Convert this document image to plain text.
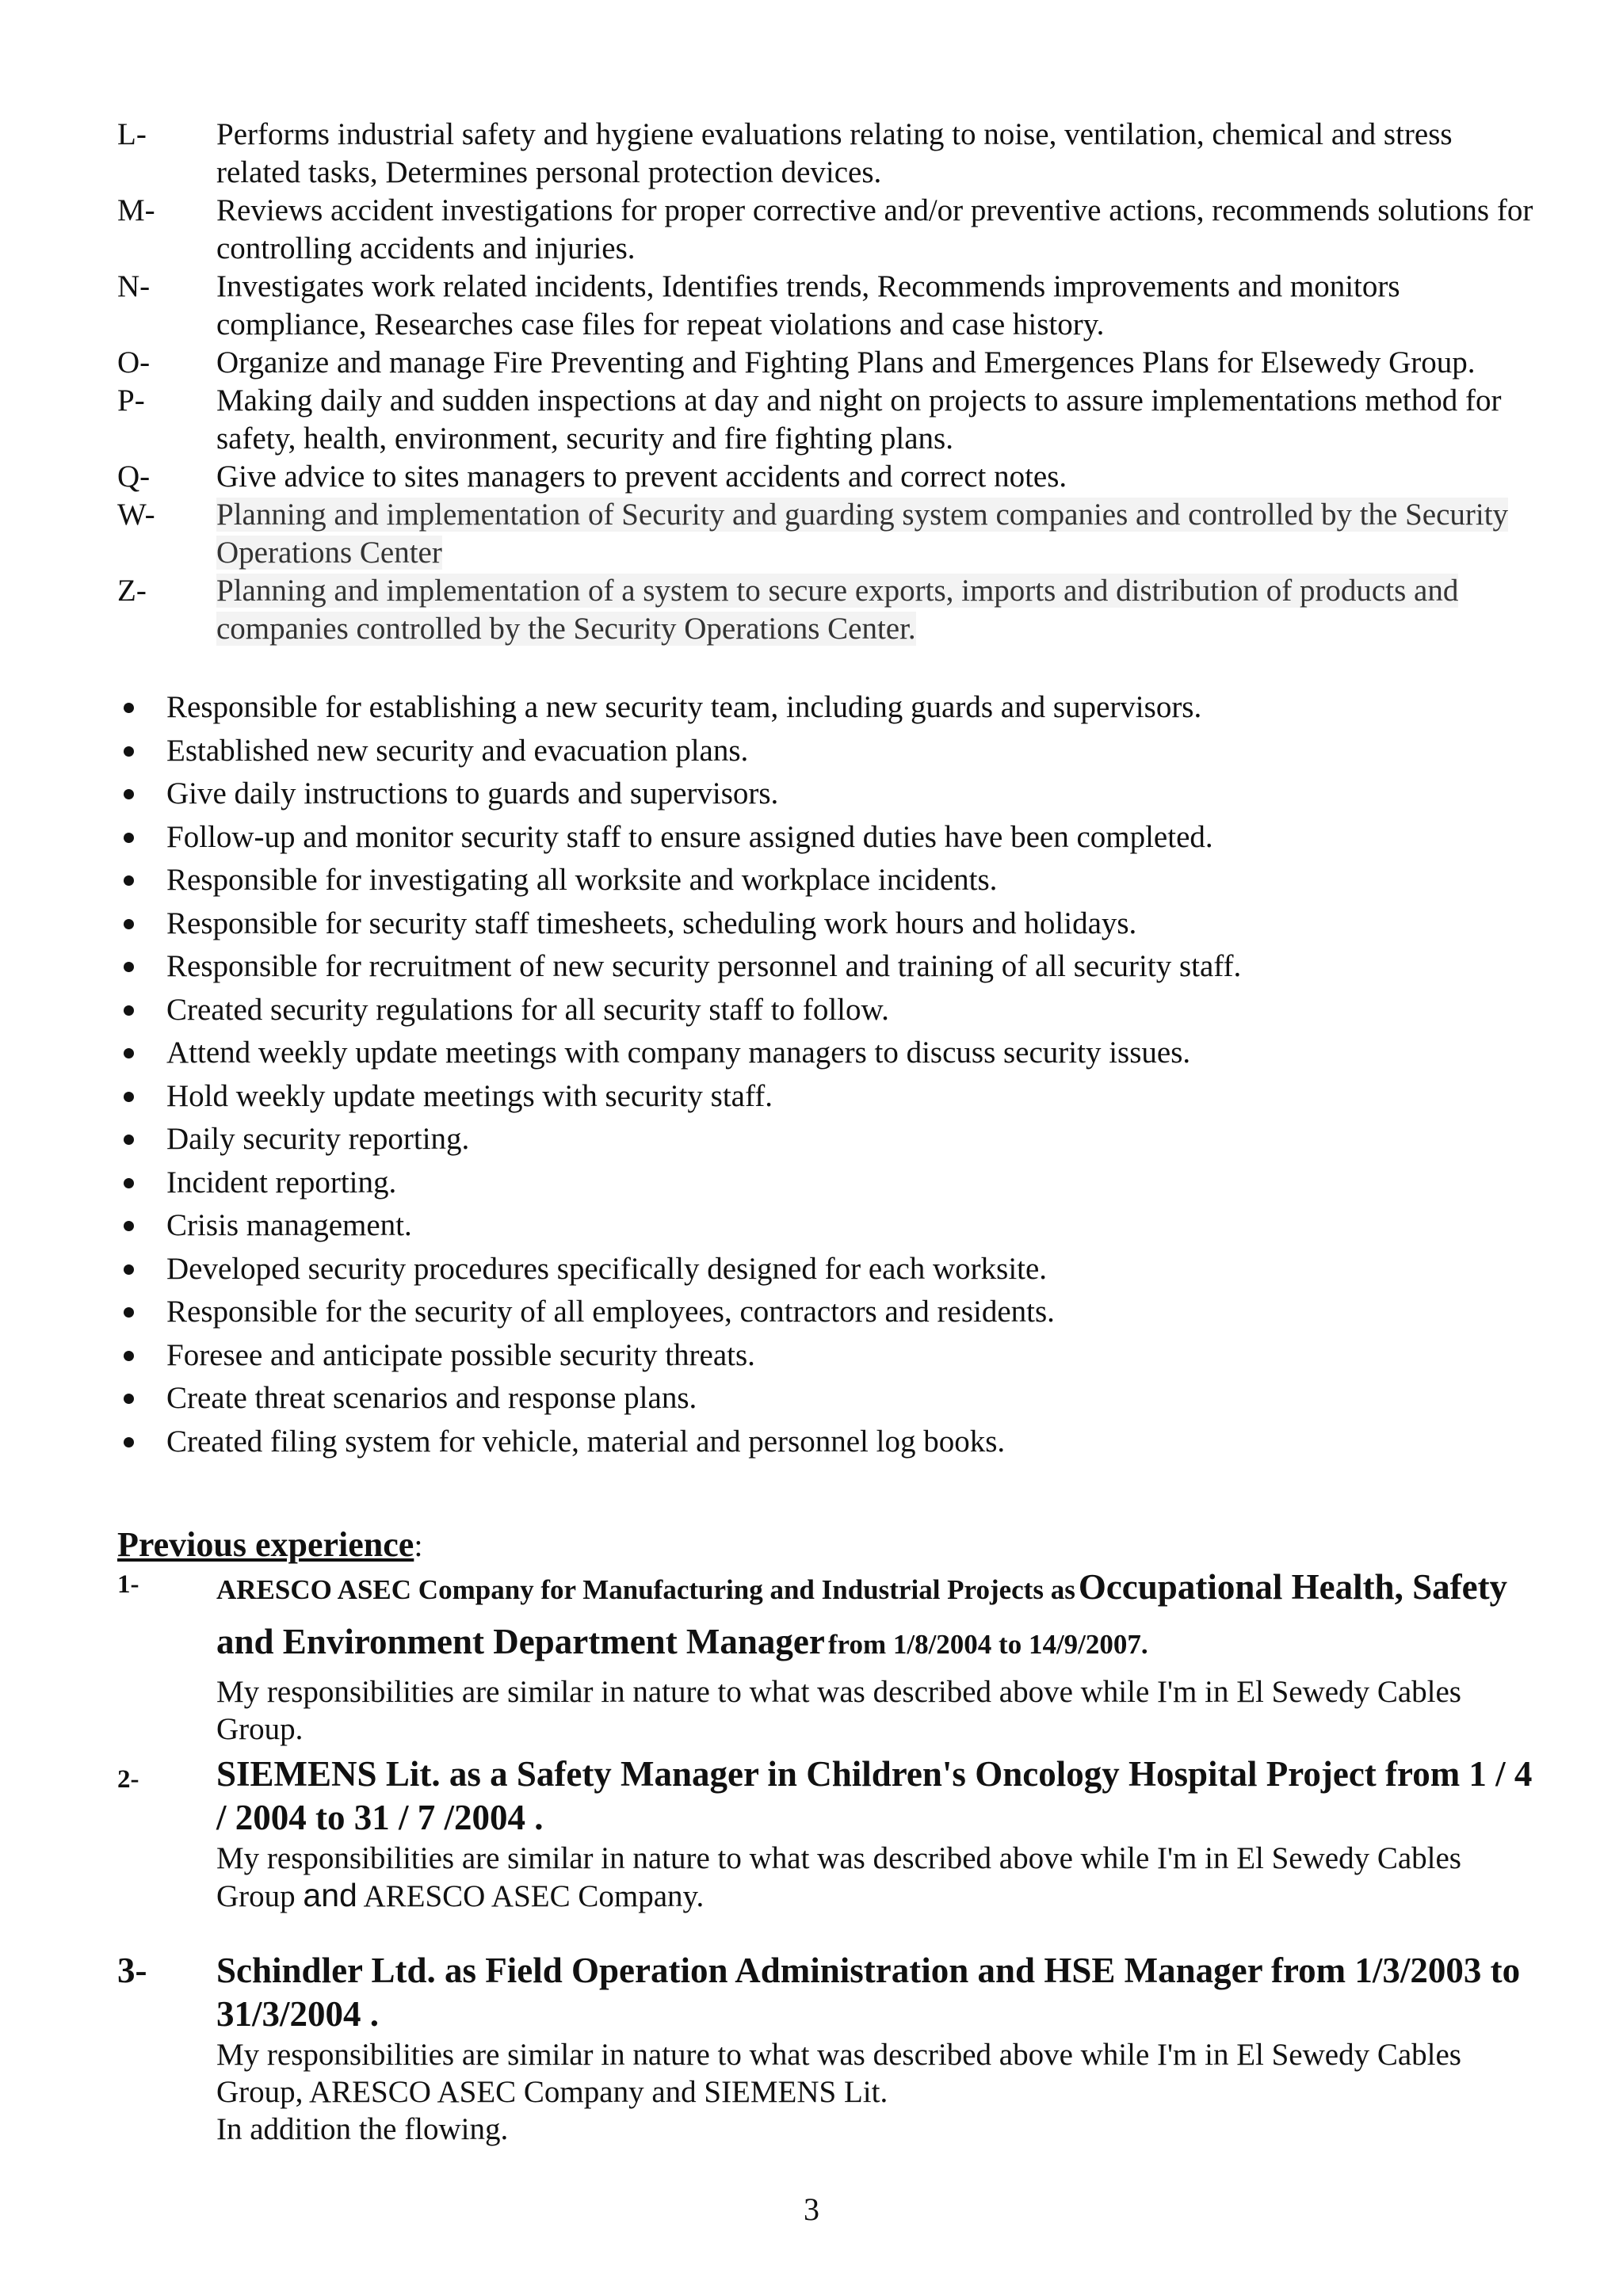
L- Performs industrial safety and hygiene evaluations relating to noise, ventilation, chemical and stress related tasks, Determines personal protection devices.
M- Reviews accident investigations for proper corrective and/or preventive actions, recommends solutions for controlling accidents and injuries.
N- Investigates work related incidents, Identifies trends, Recommends improvements and monitors compliance, Researches case files for repeat violations and case history.
O- Organize and manage Fire Preventing and Fighting Plans and Emergences Plans for Elsewedy Group.
P- Making daily and sudden inspections at day and night on projects to assure implementations method for safety, health, environment, security and fire fighting plans.
Q- Give advice to sites managers to prevent accidents and correct notes.
W- Planning and implementation of Security and guarding system companies and controlled by the Security Operations Center
Z- Planning and implementation of a system to secure exports, imports and distribution of products and companies controlled by the Security Operations Center.
Responsible for establishing a new security team, including guards and supervisors.
Established new security and evacuation plans.
Give daily instructions to guards and supervisors.
Follow-up and monitor security staff to ensure assigned duties have been completed.
Responsible for investigating all worksite and workplace incidents.
Responsible for security staff timesheets, scheduling work hours and holidays.
Responsible for recruitment of new security personnel and training of all security staff.
Created security regulations for all security staff to follow.
Attend weekly update meetings with company managers to discuss security issues.
Hold weekly update meetings with security staff.
Daily security reporting.
Incident reporting.
Crisis management.
Developed security procedures specifically designed for each worksite.
Responsible for the security of all employees, contractors and residents.
Foresee and anticipate possible security threats.
Create threat scenarios and response plans.
Created filing system for vehicle, material and personnel log books.
Previous experience:
1-	ARESCO ASEC Company for Manufacturing and Industrial Projects as Occupational Health, Safety and Environment Department Manager from 1/8/2004 to 14/9/2007.
My responsibilities are similar in nature to what was described above while I'm in El Sewedy Cables Group.
2- SIEMENS Lit. as a Safety Manager in Children's Oncology Hospital Project from 1 / 4 / 2004 to 31 / 7 /2004 .
My responsibilities are similar in nature to what was described above while I'm in El Sewedy Cables Group and ARESCO ASEC Company.
3- Schindler Ltd. as Field Operation Administration and HSE Manager from 1/3/2003 to 31/3/2004 .
My responsibilities are similar in nature to what was described above while I'm in El Sewedy Cables Group, ARESCO ASEC Company and SIEMENS Lit.
In addition the flowing.
3
